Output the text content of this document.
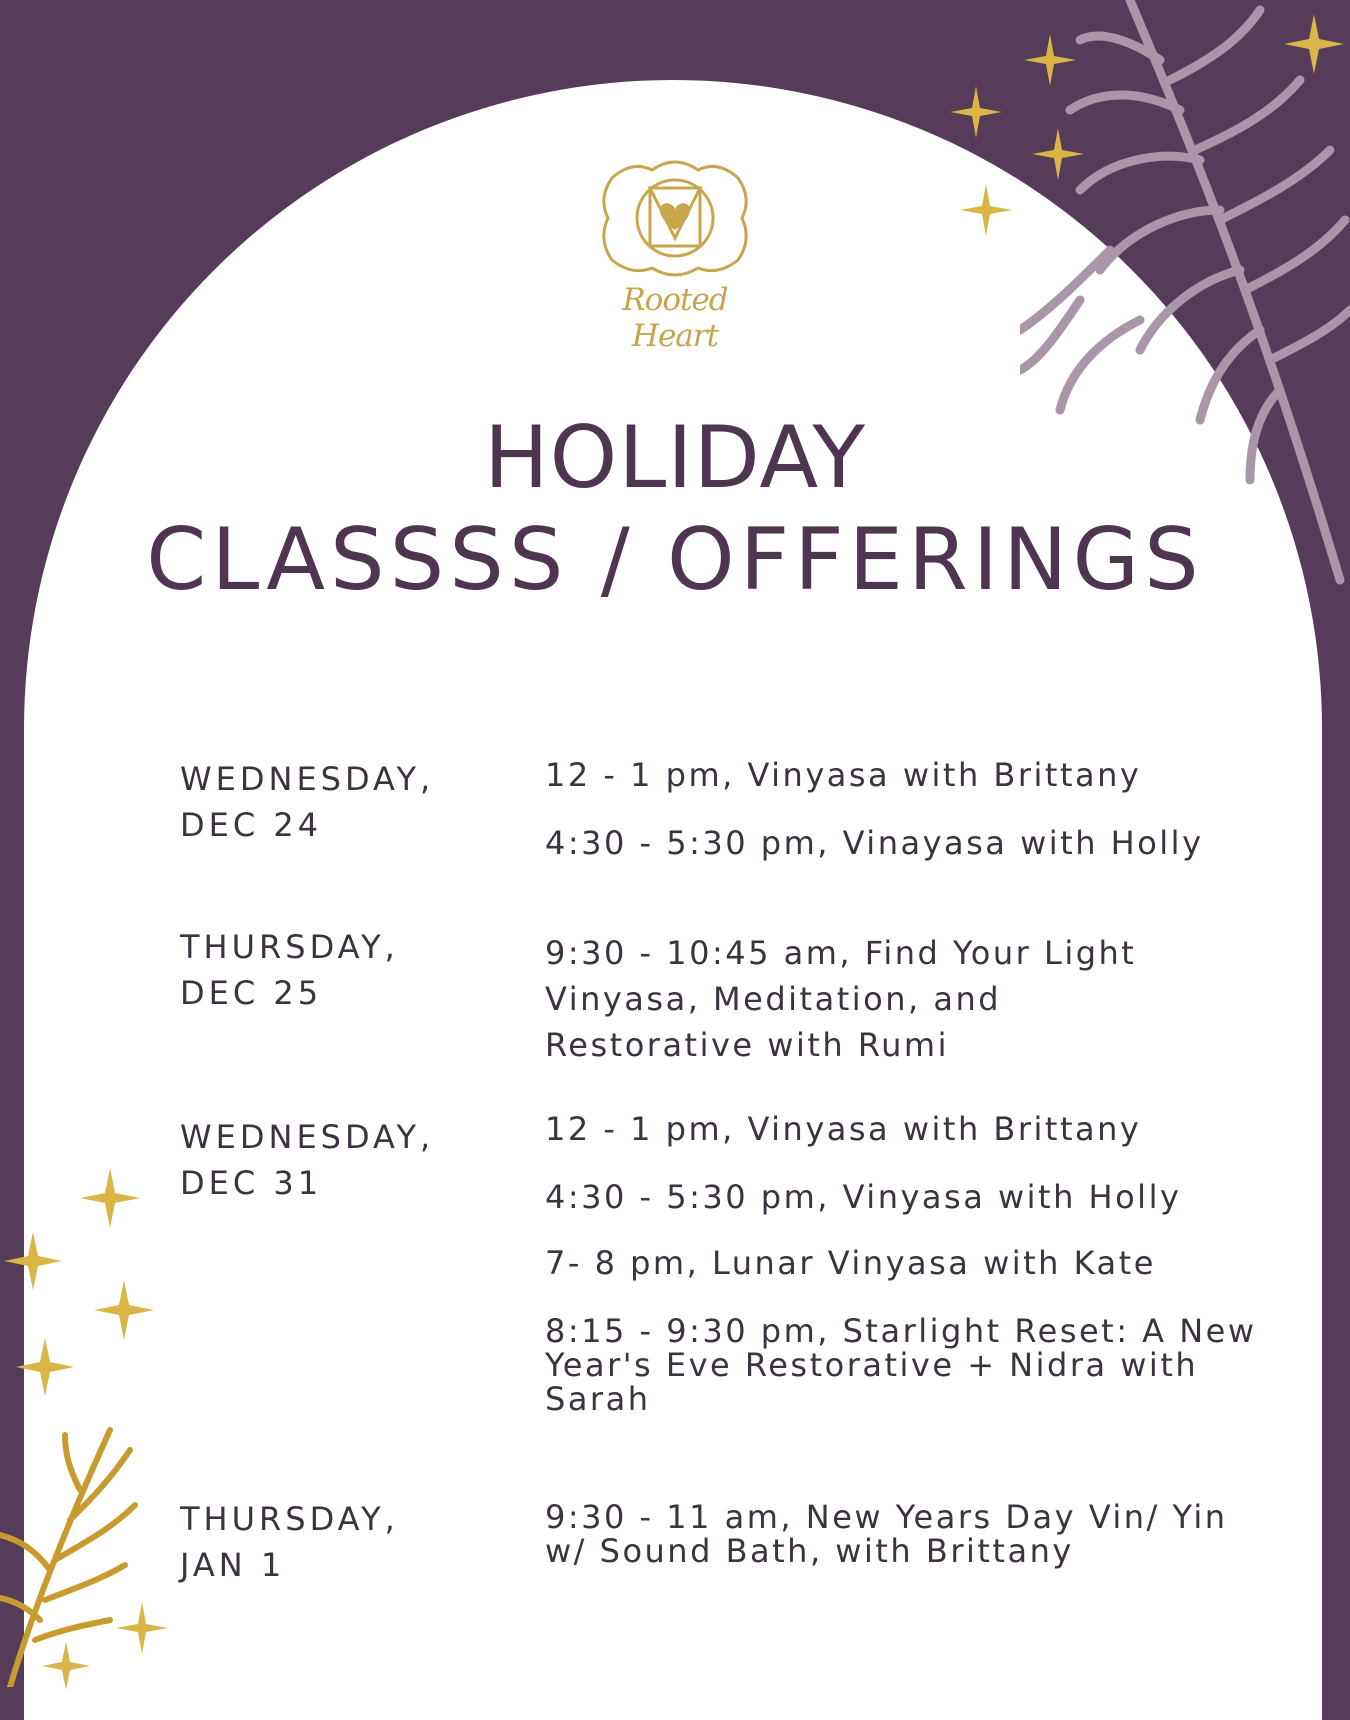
Rooted Heart
HOLIDAY
CLASSSS / OFFERINGS
WEDNESDAY,
DEC 24
12 - 1 pm, Vinyasa with Brittany
4:30 - 5:30 pm, Vinayasa with Holly
THURSDAY,
DEC 25
9:30 - 10:45 am, Find Your Light Vinyasa, Meditation, and Restorative with Rumi
WEDNESDAY,
DEC 31
12 - 1 pm, Vinyasa with Brittany
4:30 - 5:30 pm, Vinyasa with Holly
7- 8 pm, Lunar Vinyasa with Kate
8:15 - 9:30 pm, Starlight Reset: A New Year's Eve Restorative + Nidra with Sarah
THURSDAY,
JAN 1
9:30 - 11 am, New Years Day Vin/ Yin w/ Sound Bath, with Brittany
